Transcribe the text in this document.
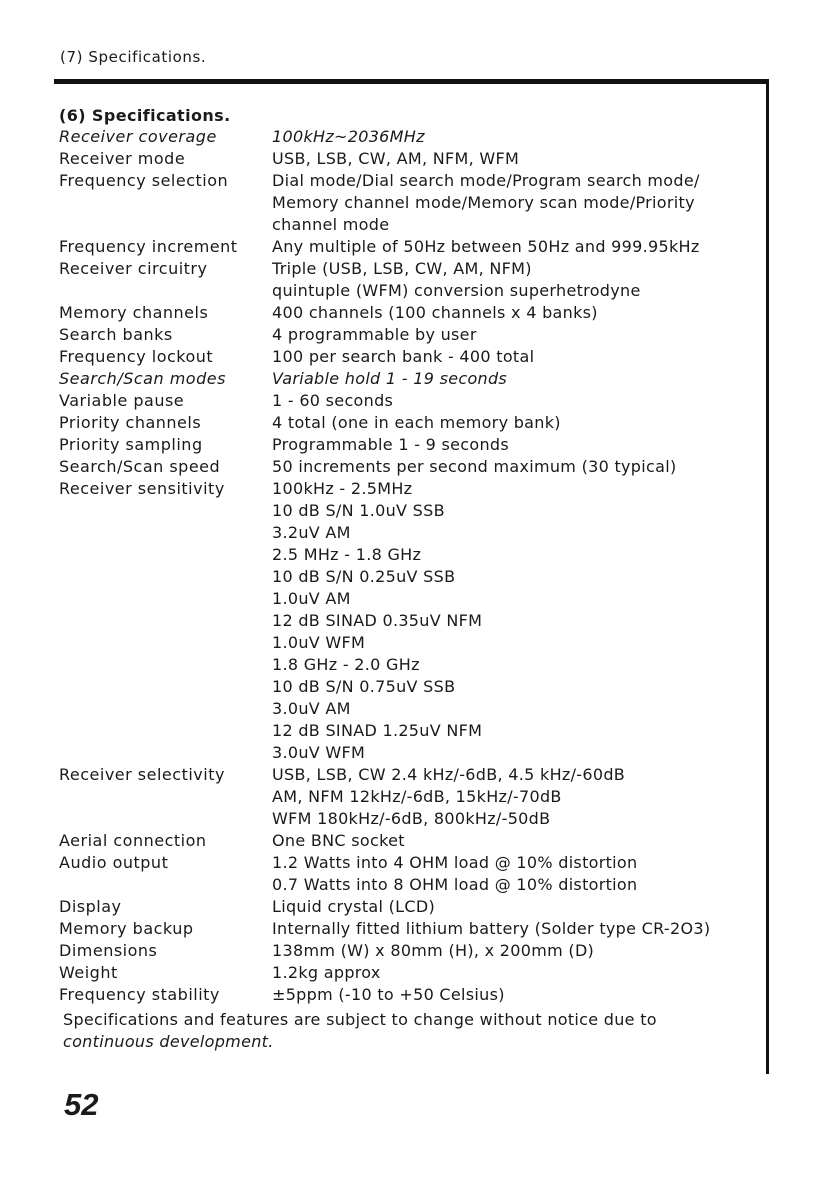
(7) Specifications.
(6) Specifications.
Receiver coverage	100kHz~2036MHz
Receiver mode	USB, LSB, CW, AM, NFM, WFM
Frequency selection	Dial mode/Dial search mode/Program search mode/
Memory channel mode/Memory scan mode/Priority
channel mode
Frequency increment	Any multiple of 50Hz between 50Hz and 999.95kHz
Receiver circuitry	Triple (USB, LSB, CW, AM, NFM)
quintuple (WFM) conversion superhetrodyne
Memory channels	400 channels (100 channels x 4 banks)
Search banks	4 programmable by user
Frequency lockout	100 per search bank - 400 total
Search/Scan modes	Variable hold 1 - 19 seconds
Variable pause	1 - 60 seconds
Priority channels	4 total (one in each memory bank)
Priority sampling	Programmable 1 - 9 seconds
Search/Scan speed	50 increments per second maximum (30 typical)
Receiver sensitivity	100kHz - 2.5MHz
10 dB S/N 1.0uV SSB
3.2uV AM
2.5 MHz - 1.8 GHz
10 dB S/N 0.25uV SSB
1.0uV AM
12 dB SINAD 0.35uV NFM
1.0uV WFM
1.8 GHz - 2.0 GHz
10 dB S/N 0.75uV SSB
3.0uV AM
12 dB SINAD 1.25uV NFM
3.0uV WFM
Receiver selectivity	USB, LSB, CW 2.4 kHz/-6dB, 4.5 kHz/-60dB
AM, NFM 12kHz/-6dB, 15kHz/-70dB
WFM 180kHz/-6dB, 800kHz/-50dB
Aerial connection	One BNC socket
Audio output	1.2 Watts into 4 OHM load @ 10% distortion
0.7 Watts into 8 OHM load @ 10% distortion
Display	Liquid crystal (LCD)
Memory backup	Internally fitted lithium battery (Solder type CR-2O3)
Dimensions	138mm (W) x 80mm (H), x 200mm (D)
Weight	1.2kg approx
Frequency stability	±5ppm (-10 to +50 Celsius)
Specifications and features are subject to change without notice due to
continuous development.
52
